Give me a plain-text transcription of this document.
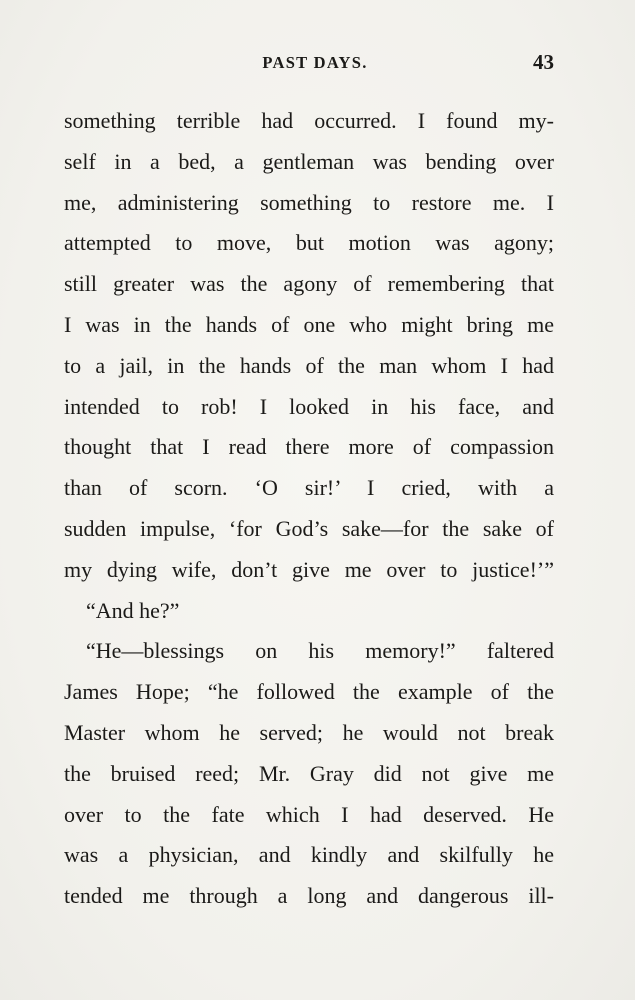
PAST DAYS.	43
something terrible had occurred. I found my-
self in a bed, a gentleman was bending over
me, administering something to restore me. I
attempted to move, but motion was agony;
still greater was the agony of remembering that
I was in the hands of one who might bring me
to a jail, in the hands of the man whom I had
intended to rob! I looked in his face, and
thought that I read there more of compassion
than of scorn. ‘O sir!’ I cried, with a
sudden impulse, ‘for God’s sake—for the sake of
my dying wife, don’t give me over to justice!’”
“And he?”
“He—blessings on his memory!” faltered
James Hope; “he followed the example of the
Master whom he served; he would not break
the bruised reed; Mr. Gray did not give me
over to the fate which I had deserved. He
was a physician, and kindly and skilfully he
tended me through a long and dangerous ill-
